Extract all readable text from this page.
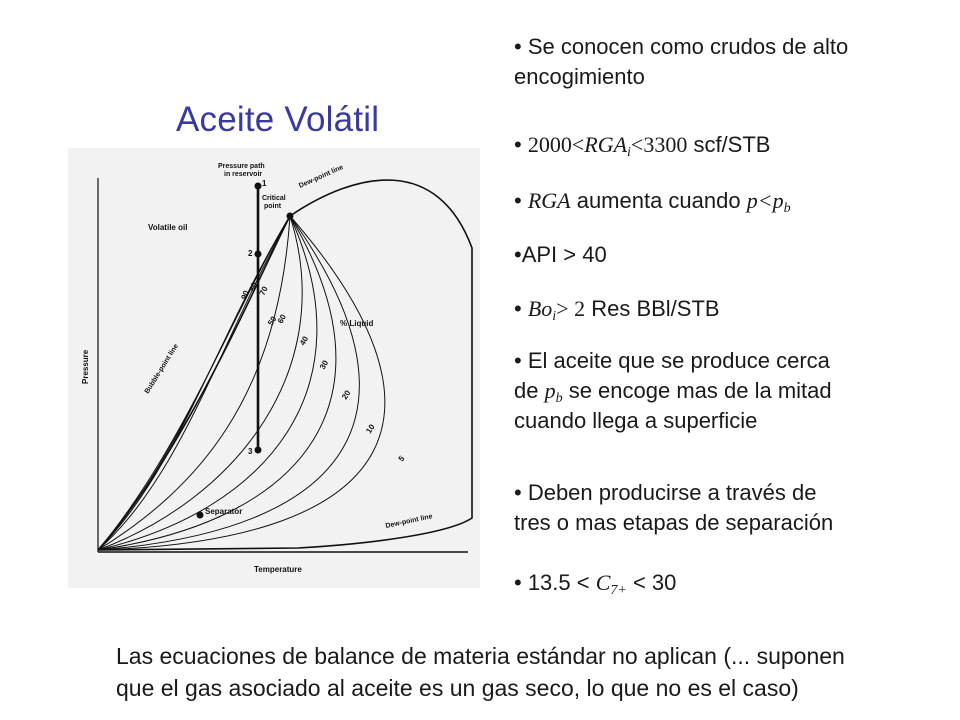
Aceite Volátil
Pressure path
in reservoir
1
Critical
point
Dew-point line
Volatile oil
2
Bubble-point line
% Liquid
90
80
70
50
60
40
30
20
10
5
3
Separator
Dew-point line
Pressure
Temperature
• Se conocen como crudos de alto
encogimiento
• $2000<RGA_i<3300$ scf/STB
• RGA aumenta cuando $p<p_b$
•API > 40
• $Bo_i> 2$ Res BBl/STB
• El aceite que se produce cerca
de $p_b$ se encoge mas de la mitad
cuando llega a superficie
• Deben producirse a través de
tres o mas etapas de separación
• $13.5 < C_{7+} < 30$
Las ecuaciones de balance de materia estándar no aplican (... suponen
que el gas asociado al aceite es un gas seco, lo que no es el caso)
